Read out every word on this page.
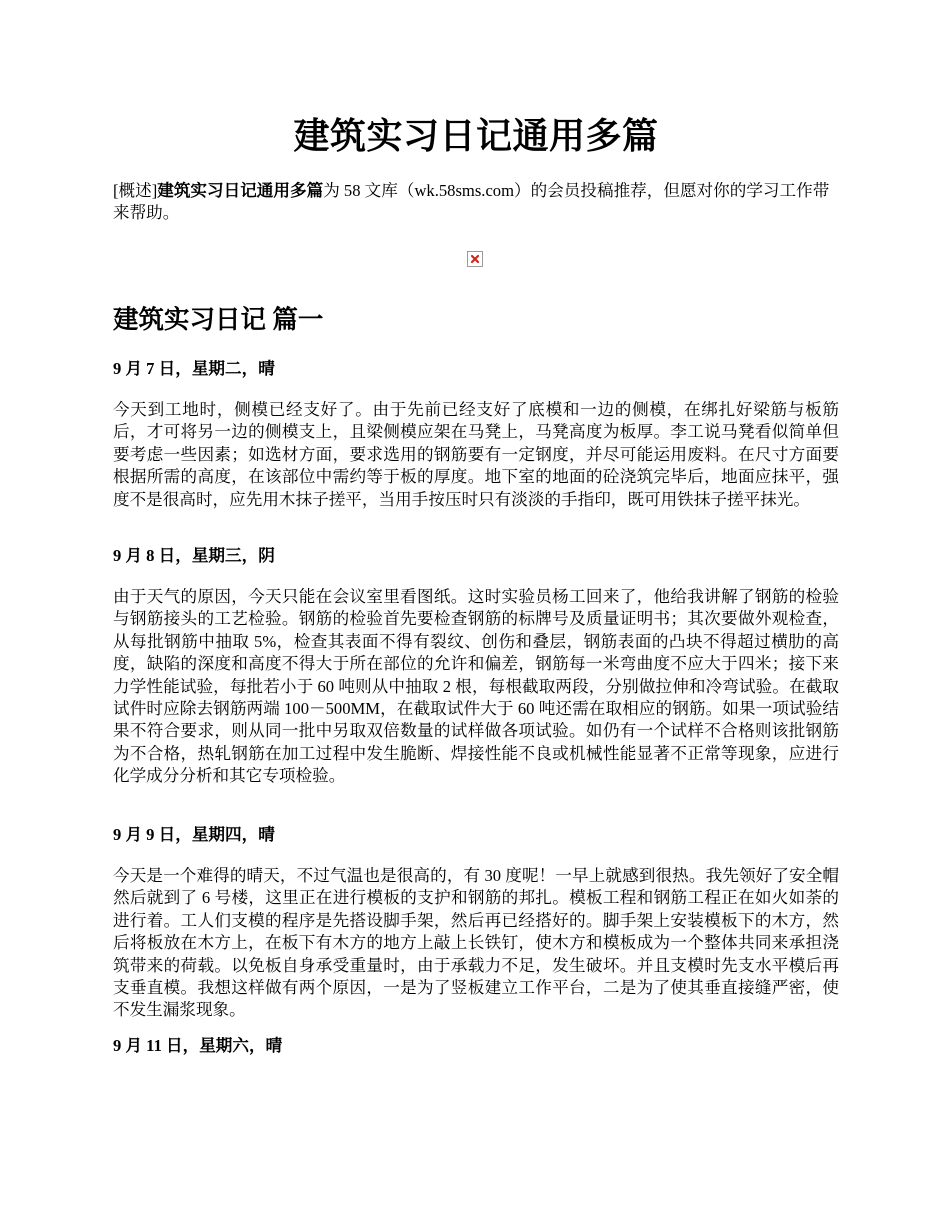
建筑实习日记通用多篇

[概述]建筑实习日记通用多篇为 58 文库（wk.58sms.com）的会员投稿推荐，但愿对你的学习工作带来帮助。

建筑实习日记 篇一

9 月 7 日，星期二，晴

今天到工地时，侧模已经支好了。由于先前已经支好了底模和一边的侧模，在绑扎好梁筋与板筋后，才可将另一边的侧模支上，且梁侧模应架在马凳上，马凳高度为板厚。李工说马凳看似简单但要考虑一些因素；如选材方面，要求选用的钢筋要有一定钢度，并尽可能运用废料。在尺寸方面要根据所需的高度，在该部位中需约等于板的厚度。地下室的地面的砼浇筑完毕后，地面应抹平，强度不是很高时，应先用木抹子搓平，当用手按压时只有淡淡的手指印，既可用铁抹子搓平抹光。

9 月 8 日，星期三，阴

由于天气的原因，今天只能在会议室里看图纸。这时实验员杨工回来了，他给我讲解了钢筋的检验与钢筋接头的工艺检验。钢筋的检验首先要检查钢筋的标牌号及质量证明书；其次要做外观检查，从每批钢筋中抽取 5%，检查其表面不得有裂纹、创伤和叠层，钢筋表面的凸块不得超过横肋的高度，缺陷的深度和高度不得大于所在部位的允许和偏差，钢筋每一米弯曲度不应大于四米；接下来力学性能试验，每批若小于 60 吨则从中抽取 2 根，每根截取两段，分别做拉伸和冷弯试验。在截取试件时应除去钢筋两端 100－500MM，在截取试件大于 60 吨还需在取相应的钢筋。如果一项试验结果不符合要求，则从同一批中另取双倍数量的试样做各项试验。如仍有一个试样不合格则该批钢筋为不合格，热轧钢筋在加工过程中发生脆断、焊接性能不良或机械性能显著不正常等现象，应进行化学成分分析和其它专项检验。

9 月 9 日，星期四，晴

今天是一个难得的晴天，不过气温也是很高的，有 30 度呢！一早上就感到很热。我先领好了安全帽然后就到了 6 号楼，这里正在进行模板的支护和钢筋的邦扎。模板工程和钢筋工程正在如火如荼的进行着。工人们支模的程序是先搭设脚手架，然后再已经搭好的。脚手架上安装模板下的木方，然后将板放在木方上，在板下有木方的地方上敲上长铁钉，使木方和模板成为一个整体共同来承担浇筑带来的荷载。以免板自身承受重量时，由于承载力不足，发生破坏。并且支模时先支水平模后再支垂直模。我想这样做有两个原因，一是为了竖板建立工作平台，二是为了使其垂直接缝严密，使不发生漏浆现象。

9 月 11 日，星期六，晴
